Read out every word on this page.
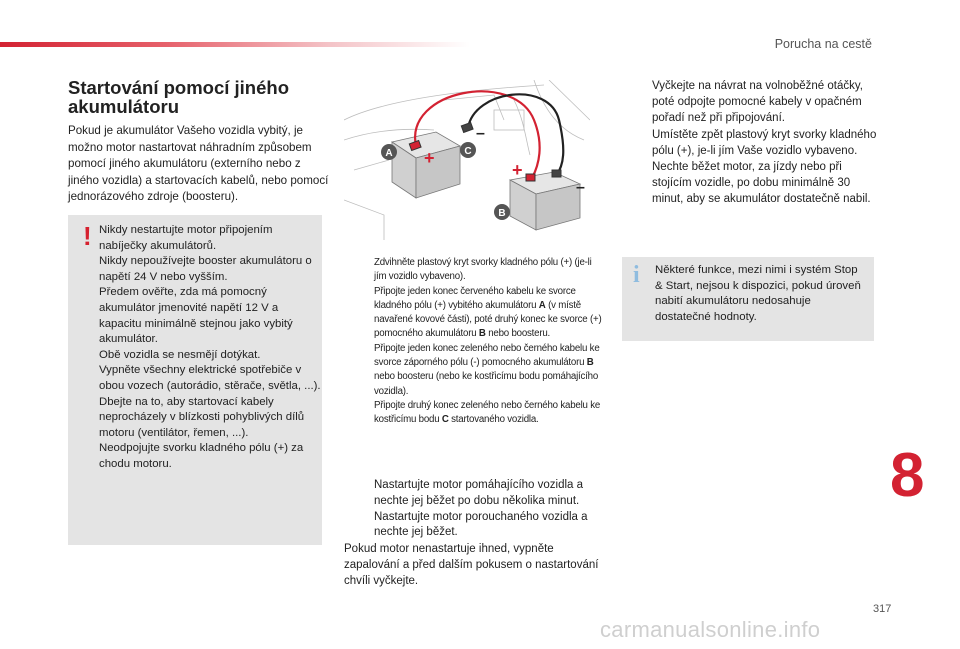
Porucha na cestě
Startování pomocí jiného akumulátoru

Pokud je akumulátor Vašeho vozidla vybitý, je možno motor nastartovat náhradním způsobem pomocí jiného akumulátoru (externího nebo z jiného vozidla) a startovacích kabelů, nebo pomocí jednorázového zdroje (boosteru).

! Nikdy nestartujte motor připojením nabíječky akumulátorů.
Nikdy nepoužívejte booster akumulátoru o napětí 24 V nebo vyšším.
Předem ověřte, zda má pomocný akumulátor jmenovité napětí 12 V a kapacitu minimálně stejnou jako vybitý akumulátor.
Obě vozidla se nesmějí dotýkat.
Vypněte všechny elektrické spotřebiče v obou vozech (autorádio, stěrače, světla, ...).
Dbejte na to, aby startovací kabely neprocházely v blízkosti pohyblivých dílů motoru (ventilátor, řemen, ...).
Neodpojujte svorku kladného pólu (+) za chodu motoru.

+
–
+
–
A	C
B
Zdvihněte plastový kryt svorky kladného pólu (+) (je-li jím vozidlo vybaveno).
Připojte jeden konec červeného kabelu ke svorce kladného pólu (+) vybitého akumulátoru A (v místě navařené kovové části), poté druhý konec ke svorce (+) pomocného akumulátoru B nebo boosteru.
Připojte jeden konec zeleného nebo černého kabelu ke svorce záporného pólu (-) pomocného akumulátoru B nebo boosteru (nebo ke kostřicímu bodu pomáhajícího vozidla).
Připojte druhý konec zeleného nebo černého kabelu ke kostřicímu bodu C startovaného vozidla.
Nastartujte motor pomáhajícího vozidla a nechte jej běžet po dobu několika minut.
Nastartujte motor porouchaného vozidla a nechte jej běžet.

Pokud motor nenastartuje ihned, vypněte zapalování a před dalším pokusem o nastartování chvíli vyčkejte.

Vyčkejte na návrat na volnoběžné otáčky, poté odpojte pomocné kabely v opačném pořadí než při připojování.
Umístěte zpět plastový kryt svorky kladného pólu (+), je-li jím Vaše vozidlo vybaveno.
Nechte běžet motor, za jízdy nebo při stojícím vozidle, po dobu minimálně 30 minut, aby se akumulátor dostatečně nabil.
i Některé funkce, mezi nimi i systém Stop & Start, nejsou k dispozici, pokud úroveň nabití akumulátoru nedosahuje dostatečné hodnoty.

8
317
carmanualsonline.info
